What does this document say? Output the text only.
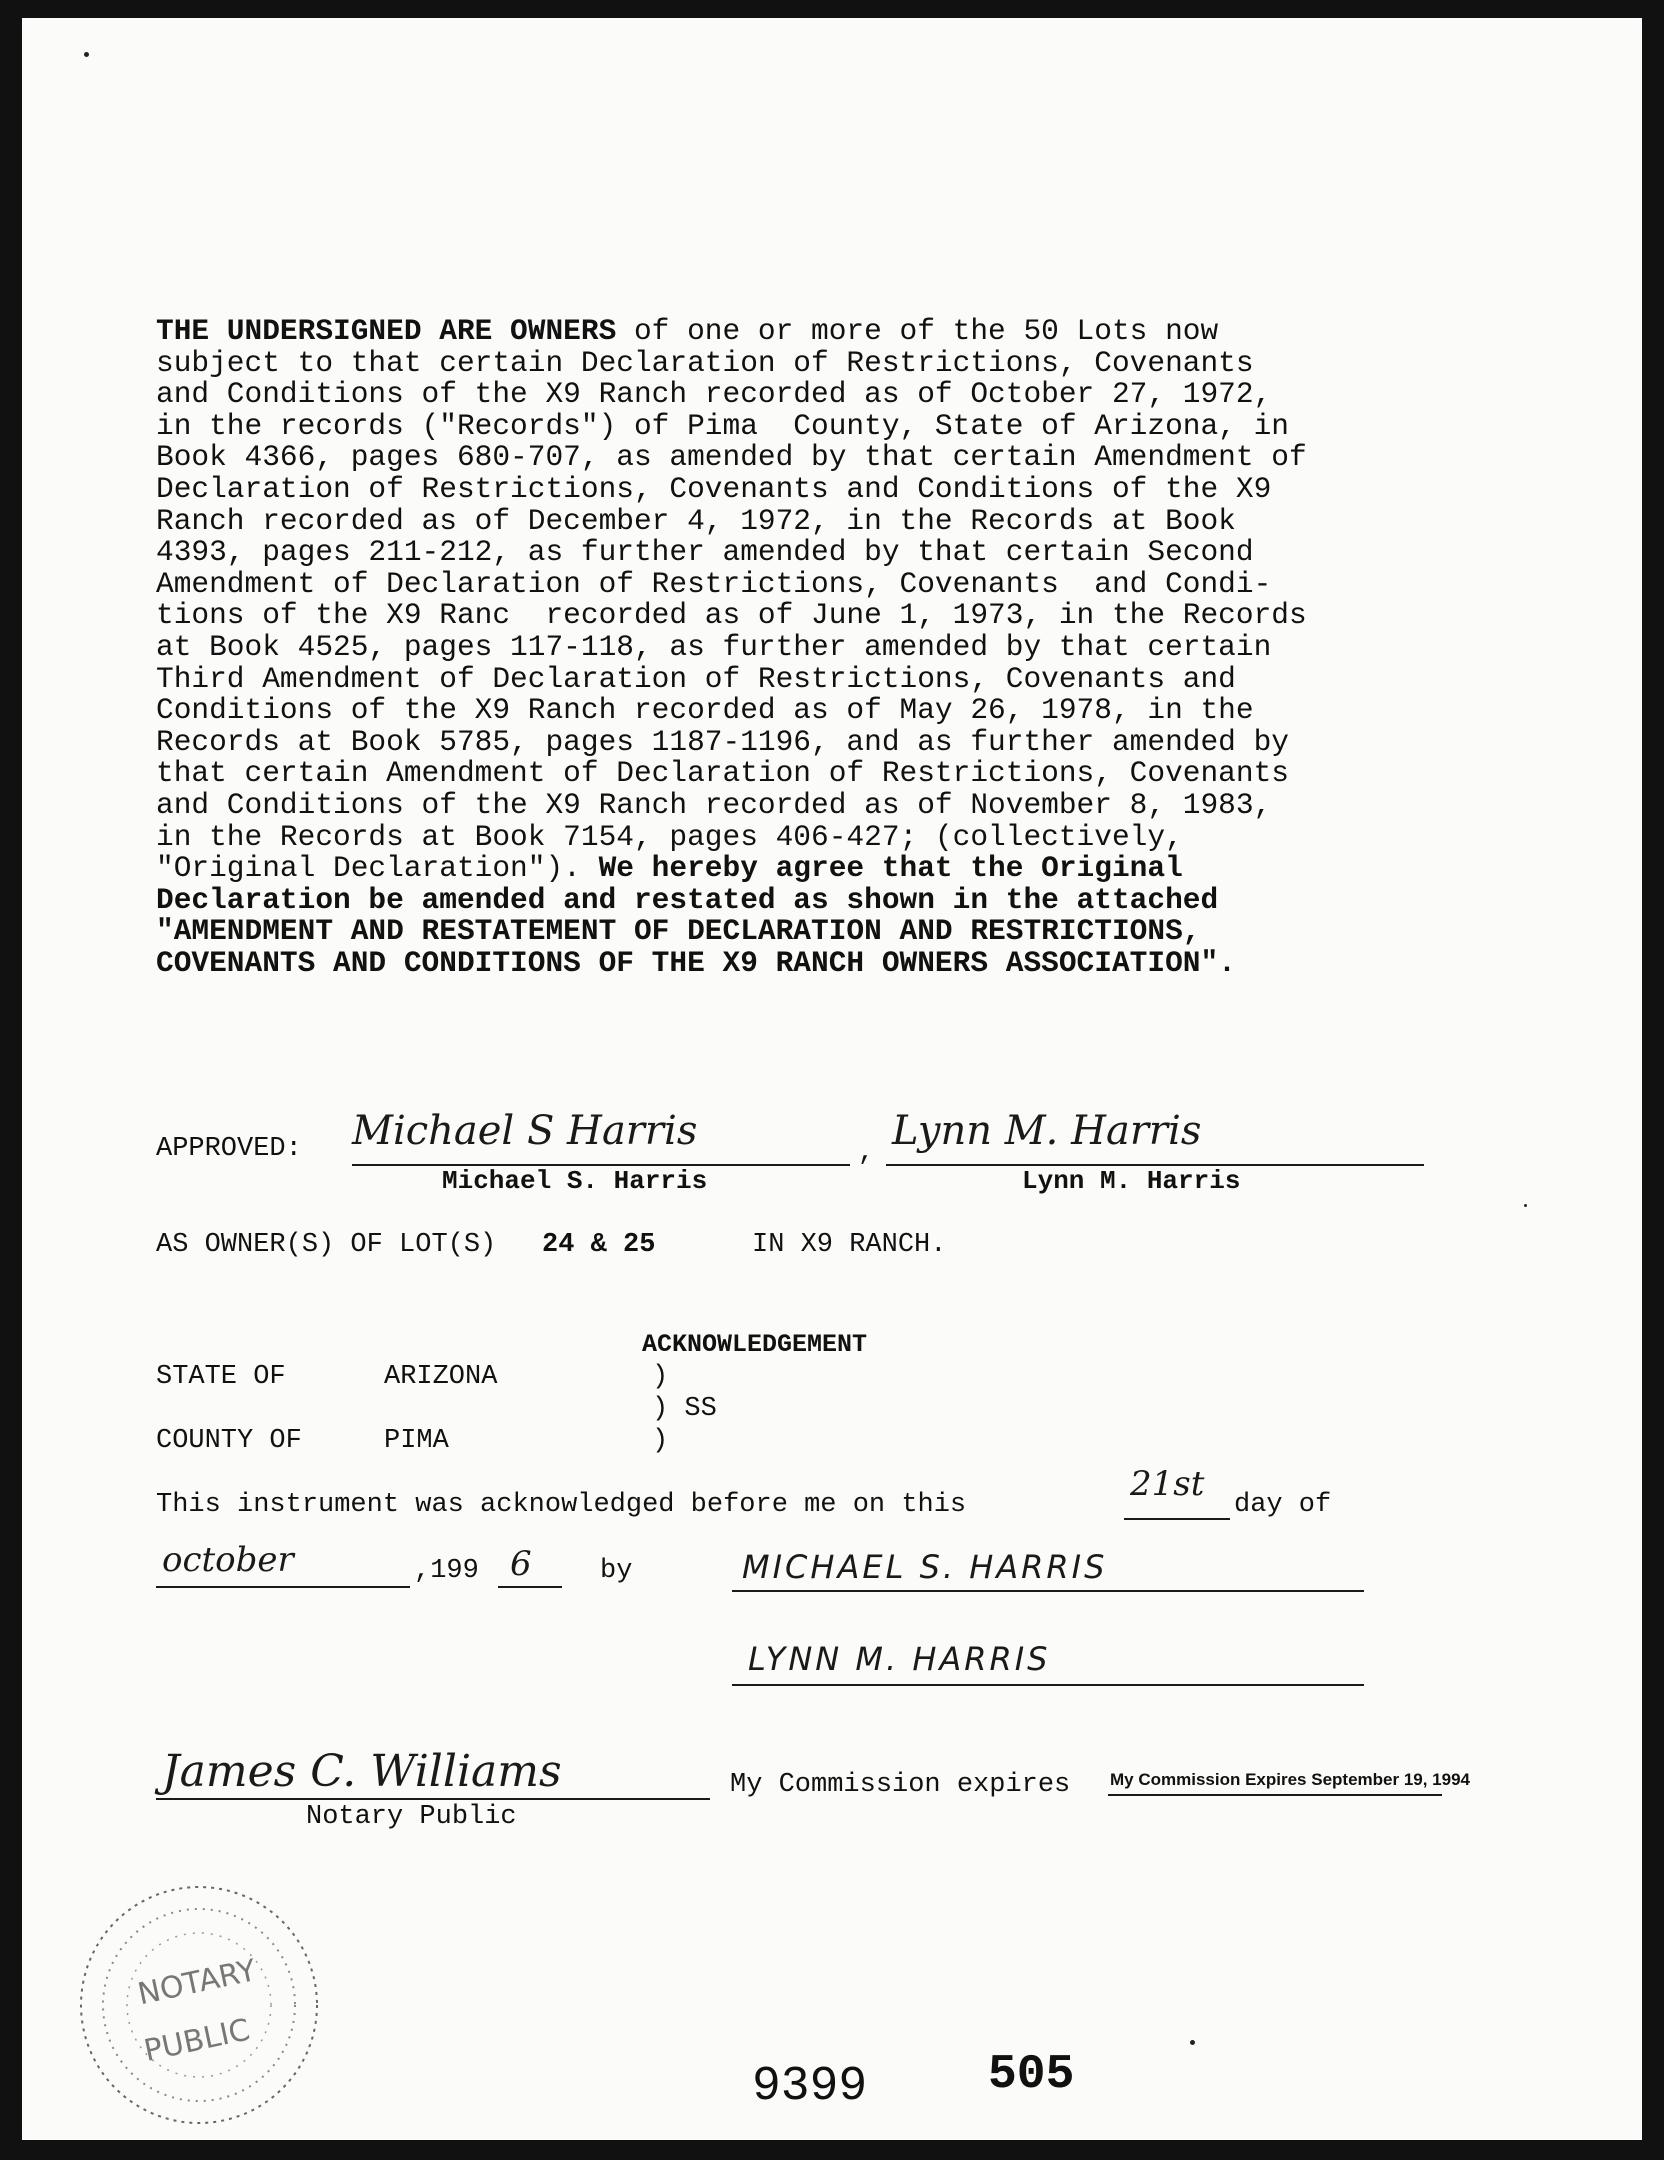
THE UNDERSIGNED ARE OWNERS of one or more of the 50 Lots now
subject to that certain Declaration of Restrictions, Covenants
and Conditions of the X9 Ranch recorded as of October 27, 1972,
in the records ("Records") of Pima  County, State of Arizona, in
Book 4366, pages 680-707, as amended by that certain Amendment of
Declaration of Restrictions, Covenants and Conditions of the X9
Ranch recorded as of December 4, 1972, in the Records at Book
4393, pages 211-212, as further amended by that certain Second
Amendment of Declaration of Restrictions, Covenants  and Condi-
tions of the X9 Ranc  recorded as of June 1, 1973, in the Records
at Book 4525, pages 117-118, as further amended by that certain
Third Amendment of Declaration of Restrictions, Covenants and
Conditions of the X9 Ranch recorded as of May 26, 1978, in the
Records at Book 5785, pages 1187-1196, and as further amended by
that certain Amendment of Declaration of Restrictions, Covenants
and Conditions of the X9 Ranch recorded as of November 8, 1983,
in the Records at Book 7154, pages 406-427; (collectively,
"Original Declaration"). We hereby agree that the Original
Declaration be amended and restated as shown in the attached
"AMENDMENT AND RESTATEMENT OF DECLARATION AND RESTRICTIONS,
COVENANTS AND CONDITIONS OF THE X9 RANCH OWNERS ASSOCIATION".
APPROVED: Michael S Harris	, Lynn M. Harris
Michael S. Harris	Lynn M. Harris
AS OWNER(S) OF LOT(S) 24 & 25	IN X9 RANCH.
ACKNOWLEDGEMENT
STATE OF	ARIZONA	)
) SS
)
COUNTY OF	PIMA
This instrument was acknowledged before me on this
21st
day of
october	,199 6	by	MICHAEL S. HARRIS
LYNN M. HARRIS
James C. Williams
Notary Public
My Commission expires My Commission Expires September 19, 1994
NOTARY
PUBLIC
9399	505
